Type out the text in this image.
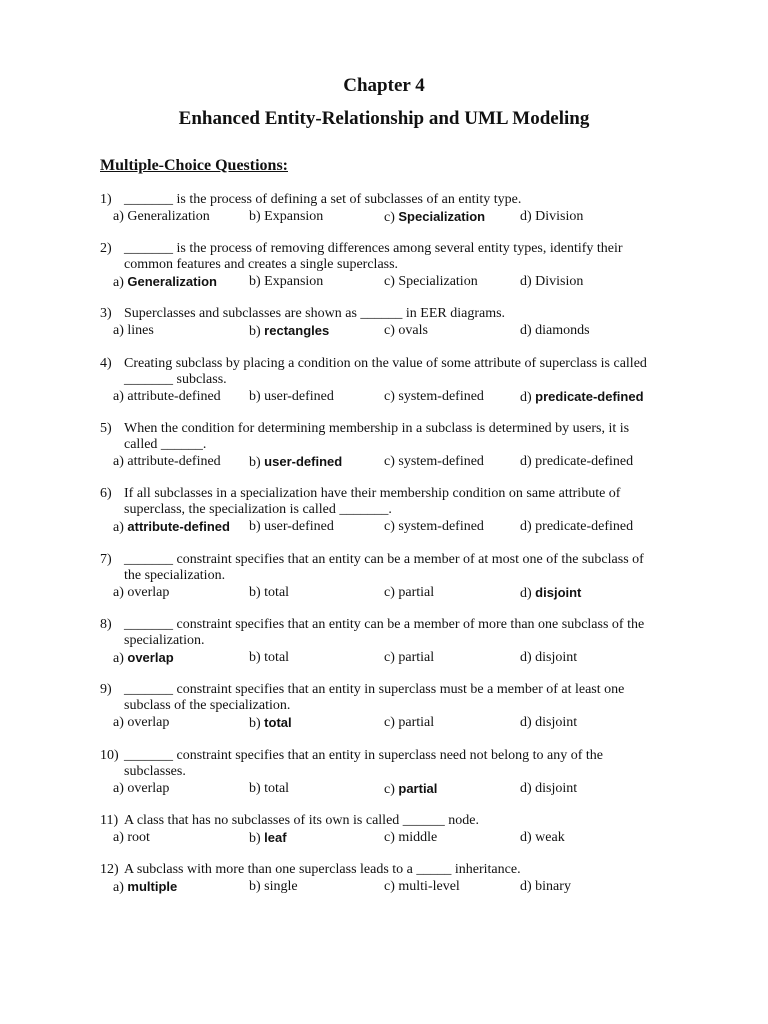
Chapter 4
Enhanced Entity-Relationship and UML Modeling
Multiple-Choice Questions:
1) _______ is the process of defining a set of subclasses of an entity type.
a) Generalization	b) Expansion	c) Specialization d) Division
2) _______ is the process of removing differences among several entity types, identify their
common features and creates a single superclass.
a) Generalization b) Expansion	c) Specialization	d) Division
3) Superclasses and subclasses are shown as ______ in EER diagrams.
a) lines	b) rectangles	c) ovals	d) diamonds
4) Creating subclass by placing a condition on the value of some attribute of superclass is called
_______ subclass.
a) attribute-defined b) user-defined	c) system-defined	d) predicate-defined
5) When the condition for determining membership in a subclass is determined by users, it is
called ______.
a) attribute-defined b) user-defined	c) system-defined	d) predicate-defined
6) If all subclasses in a specialization have their membership condition on same attribute of
superclass, the specialization is called _______.
a) attribute-defined b) user-defined	c) system-defined	d) predicate-defined
7) _______ constraint specifies that an entity can be a member of at most one of the subclass of
the specialization.
a) overlap	b) total	c) partial	d) disjoint
8) _______ constraint specifies that an entity can be a member of more than one subclass of the
specialization.
a) overlap	b) total	c) partial	d) disjoint
9) _______ constraint specifies that an entity in superclass must be a member of at least one
subclass of the specialization.
a) overlap	b) total	c) partial	d) disjoint
10) _______ constraint specifies that an entity in superclass need not belong to any of the
subclasses.
a) overlap	b) total	c) partial	d) disjoint
11) A class that has no subclasses of its own is called ______ node.
a) root	b) leaf	c) middle	d) weak
12) A subclass with more than one superclass leads to a _____ inheritance.
a) multiple	b) single	c) multi-level	d) binary
